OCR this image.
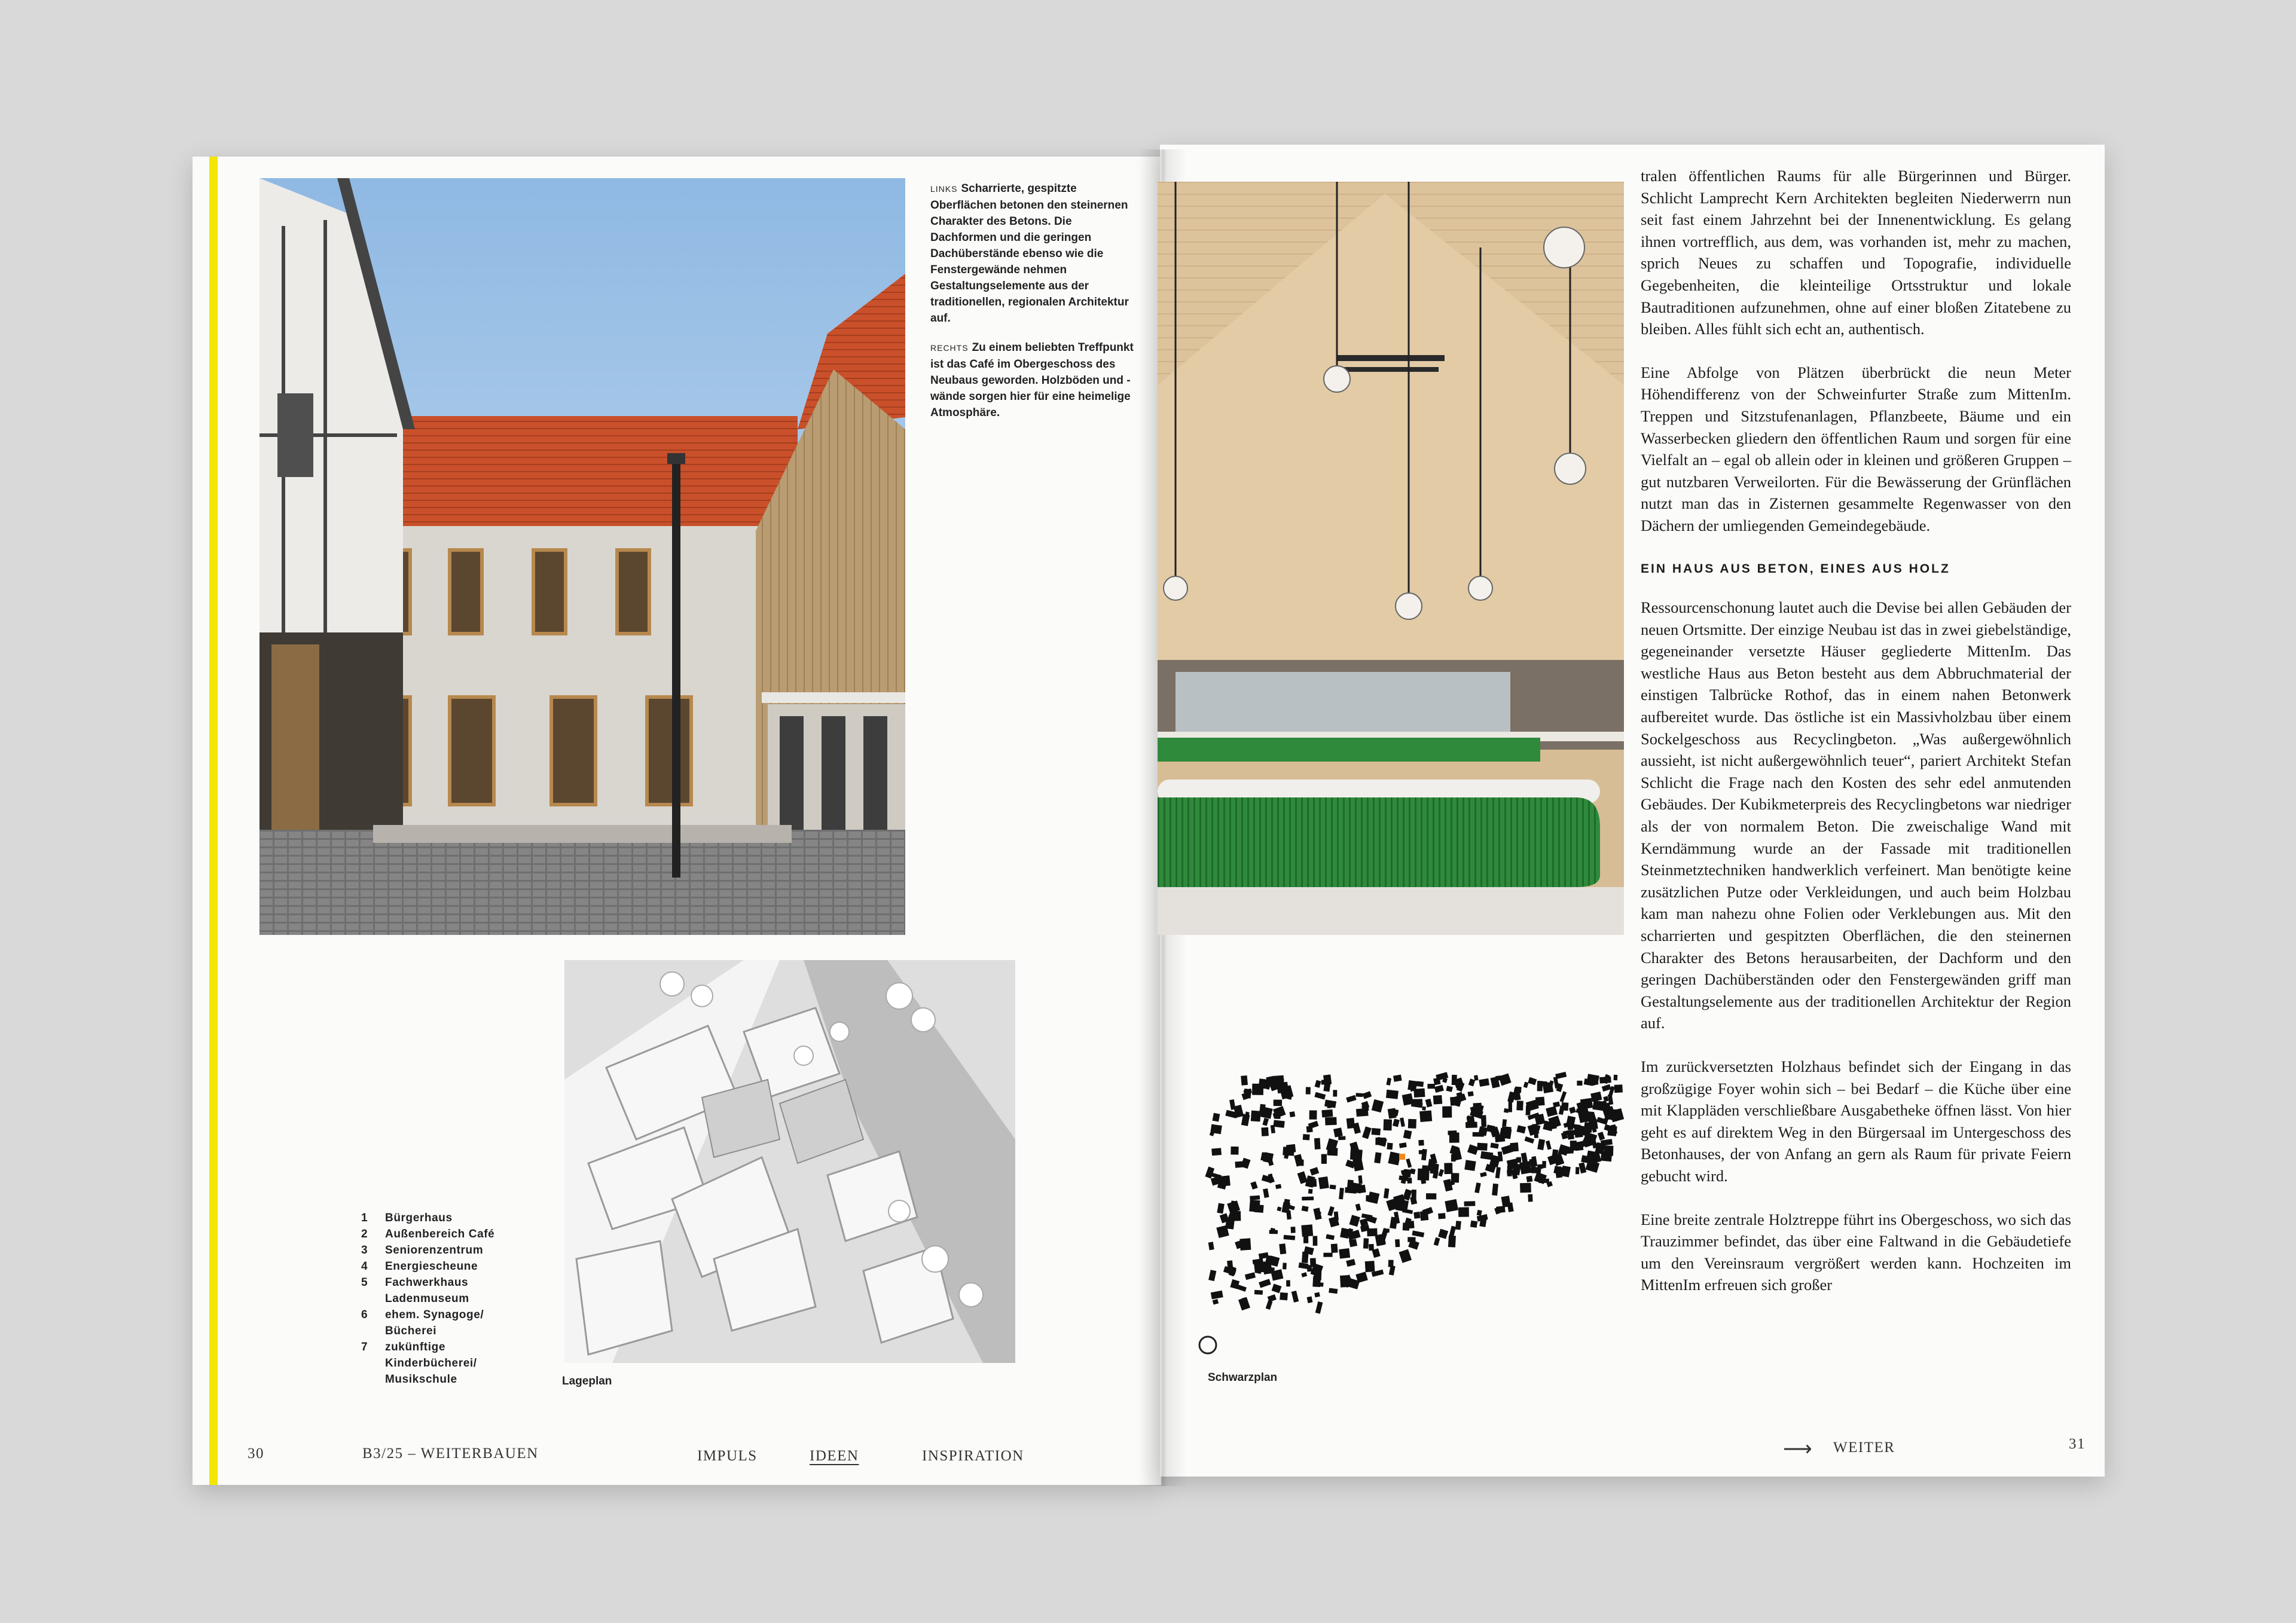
LINKS Scharrierte, gespitzte Oberflächen betonen den steinernen Charakter des Betons. Die Dachformen und die geringen Dachüberstände ebenso wie die Fenstergewände nehmen Gestaltungselemente aus der traditionellen, regionalen Architektur auf.

RECHTS Zu einem beliebten Treffpunkt ist das Café im Obergeschoss des Neubaus geworden. Holzböden und -wände sorgen hier für eine heimelige Atmosphäre.

1	Bürgerhaus
2	Außenbereich Café
3	Seniorenzentrum
4	Energiescheune
5	Fachwerkhaus Ladenmuseum
6	ehem. Synagoge/ Bücherei
7	zukünftige Kinderbücherei/ Musikschule	Lageplan
30	B3/25 – WEITERBAUEN	IMPULS	IDEEN	INSPIRATION

tralen öffentlichen Raums für alle Bürgerinnen und Bürger. Schlicht Lamprecht Kern Architekten begleiten Niederwerrn nun seit fast einem Jahrzehnt bei der Innenentwicklung. Es gelang ihnen vortrefflich, aus dem, was vorhanden ist, mehr zu machen, sprich Neues zu schaffen und Topografie, individuelle Gegebenheiten, die kleinteilige Ortsstruktur und lokale Bautraditionen aufzunehmen, ohne auf einer bloßen Zitatebene zu bleiben. Alles fühlt sich echt an, authentisch.

Eine Abfolge von Plätzen überbrückt die neun Meter Höhendifferenz von der Schweinfurter Straße zum MittenIm. Treppen und Sitzstufenanlagen, Pflanzbeete, Bäume und ein Wasserbecken gliedern den öffentlichen Raum und sorgen für eine Vielfalt an – egal ob allein oder in kleinen und größeren Gruppen – gut nutzbaren Verweilorten. Für die Bewässerung der Grünflächen nutzt man das in Zisternen gesammelte Regenwasser von den Dächern der umliegenden Gemeindegebäude.

EIN HAUS AUS BETON, EINES AUS HOLZ

Ressourcenschonung lautet auch die Devise bei allen Gebäuden der neuen Ortsmitte. Der einzige Neubau ist das in zwei giebelständige, gegeneinander versetzte Häuser gegliederte MittenIm. Das westliche Haus aus Beton besteht aus dem Abbruchmaterial der einstigen Talbrücke Rothof, das in einem nahen Betonwerk aufbereitet wurde. Das östliche ist ein Massivholzbau über einem Sockelgeschoss aus Recyclingbeton. „Was außergewöhnlich aussieht, ist nicht außergewöhnlich teuer“, pariert Architekt Stefan Schlicht die Frage nach den Kosten des sehr edel anmutenden Gebäudes. Der Kubikmeterpreis des Recyclingbetons war niedriger als der von normalem Beton. Die zweischalige Wand mit Kerndämmung wurde an der Fassade mit traditionellen Steinmetztechniken handwerklich verfeinert. Man benötigte keine zusätzlichen Putze oder Verkleidungen, und auch beim Holzbau kam man nahezu ohne Folien oder Verklebungen aus. Mit den scharrierten und gespitzten Oberflächen, die den steinernen Charakter des Betons herausarbeiten, der Dachform und den geringen Dachüberständen oder den Fenstergewänden griff man Gestaltungselemente aus der traditionellen Architektur der Region auf.

Im zurückversetzten Holzhaus befindet sich der Eingang in das großzügige Foyer wohin sich – bei Bedarf – die Küche über eine mit Klappläden verschließbare Ausgabetheke öffnen lässt. Von hier geht es auf direktem Weg in den Bürgersaal im Untergeschoss des Betonhauses, der von Anfang an gern als Raum für private Feiern gebucht wird.

Eine breite zentrale Holztreppe führt ins Obergeschoss, wo sich das Trauzimmer befindet, das über eine Faltwand in die Gebäudetiefe um den Vereinsraum vergrößert werden kann. Hochzeiten im MittenIm erfreuen sich großer

Schwarzplan
⟶ WEITER	31
